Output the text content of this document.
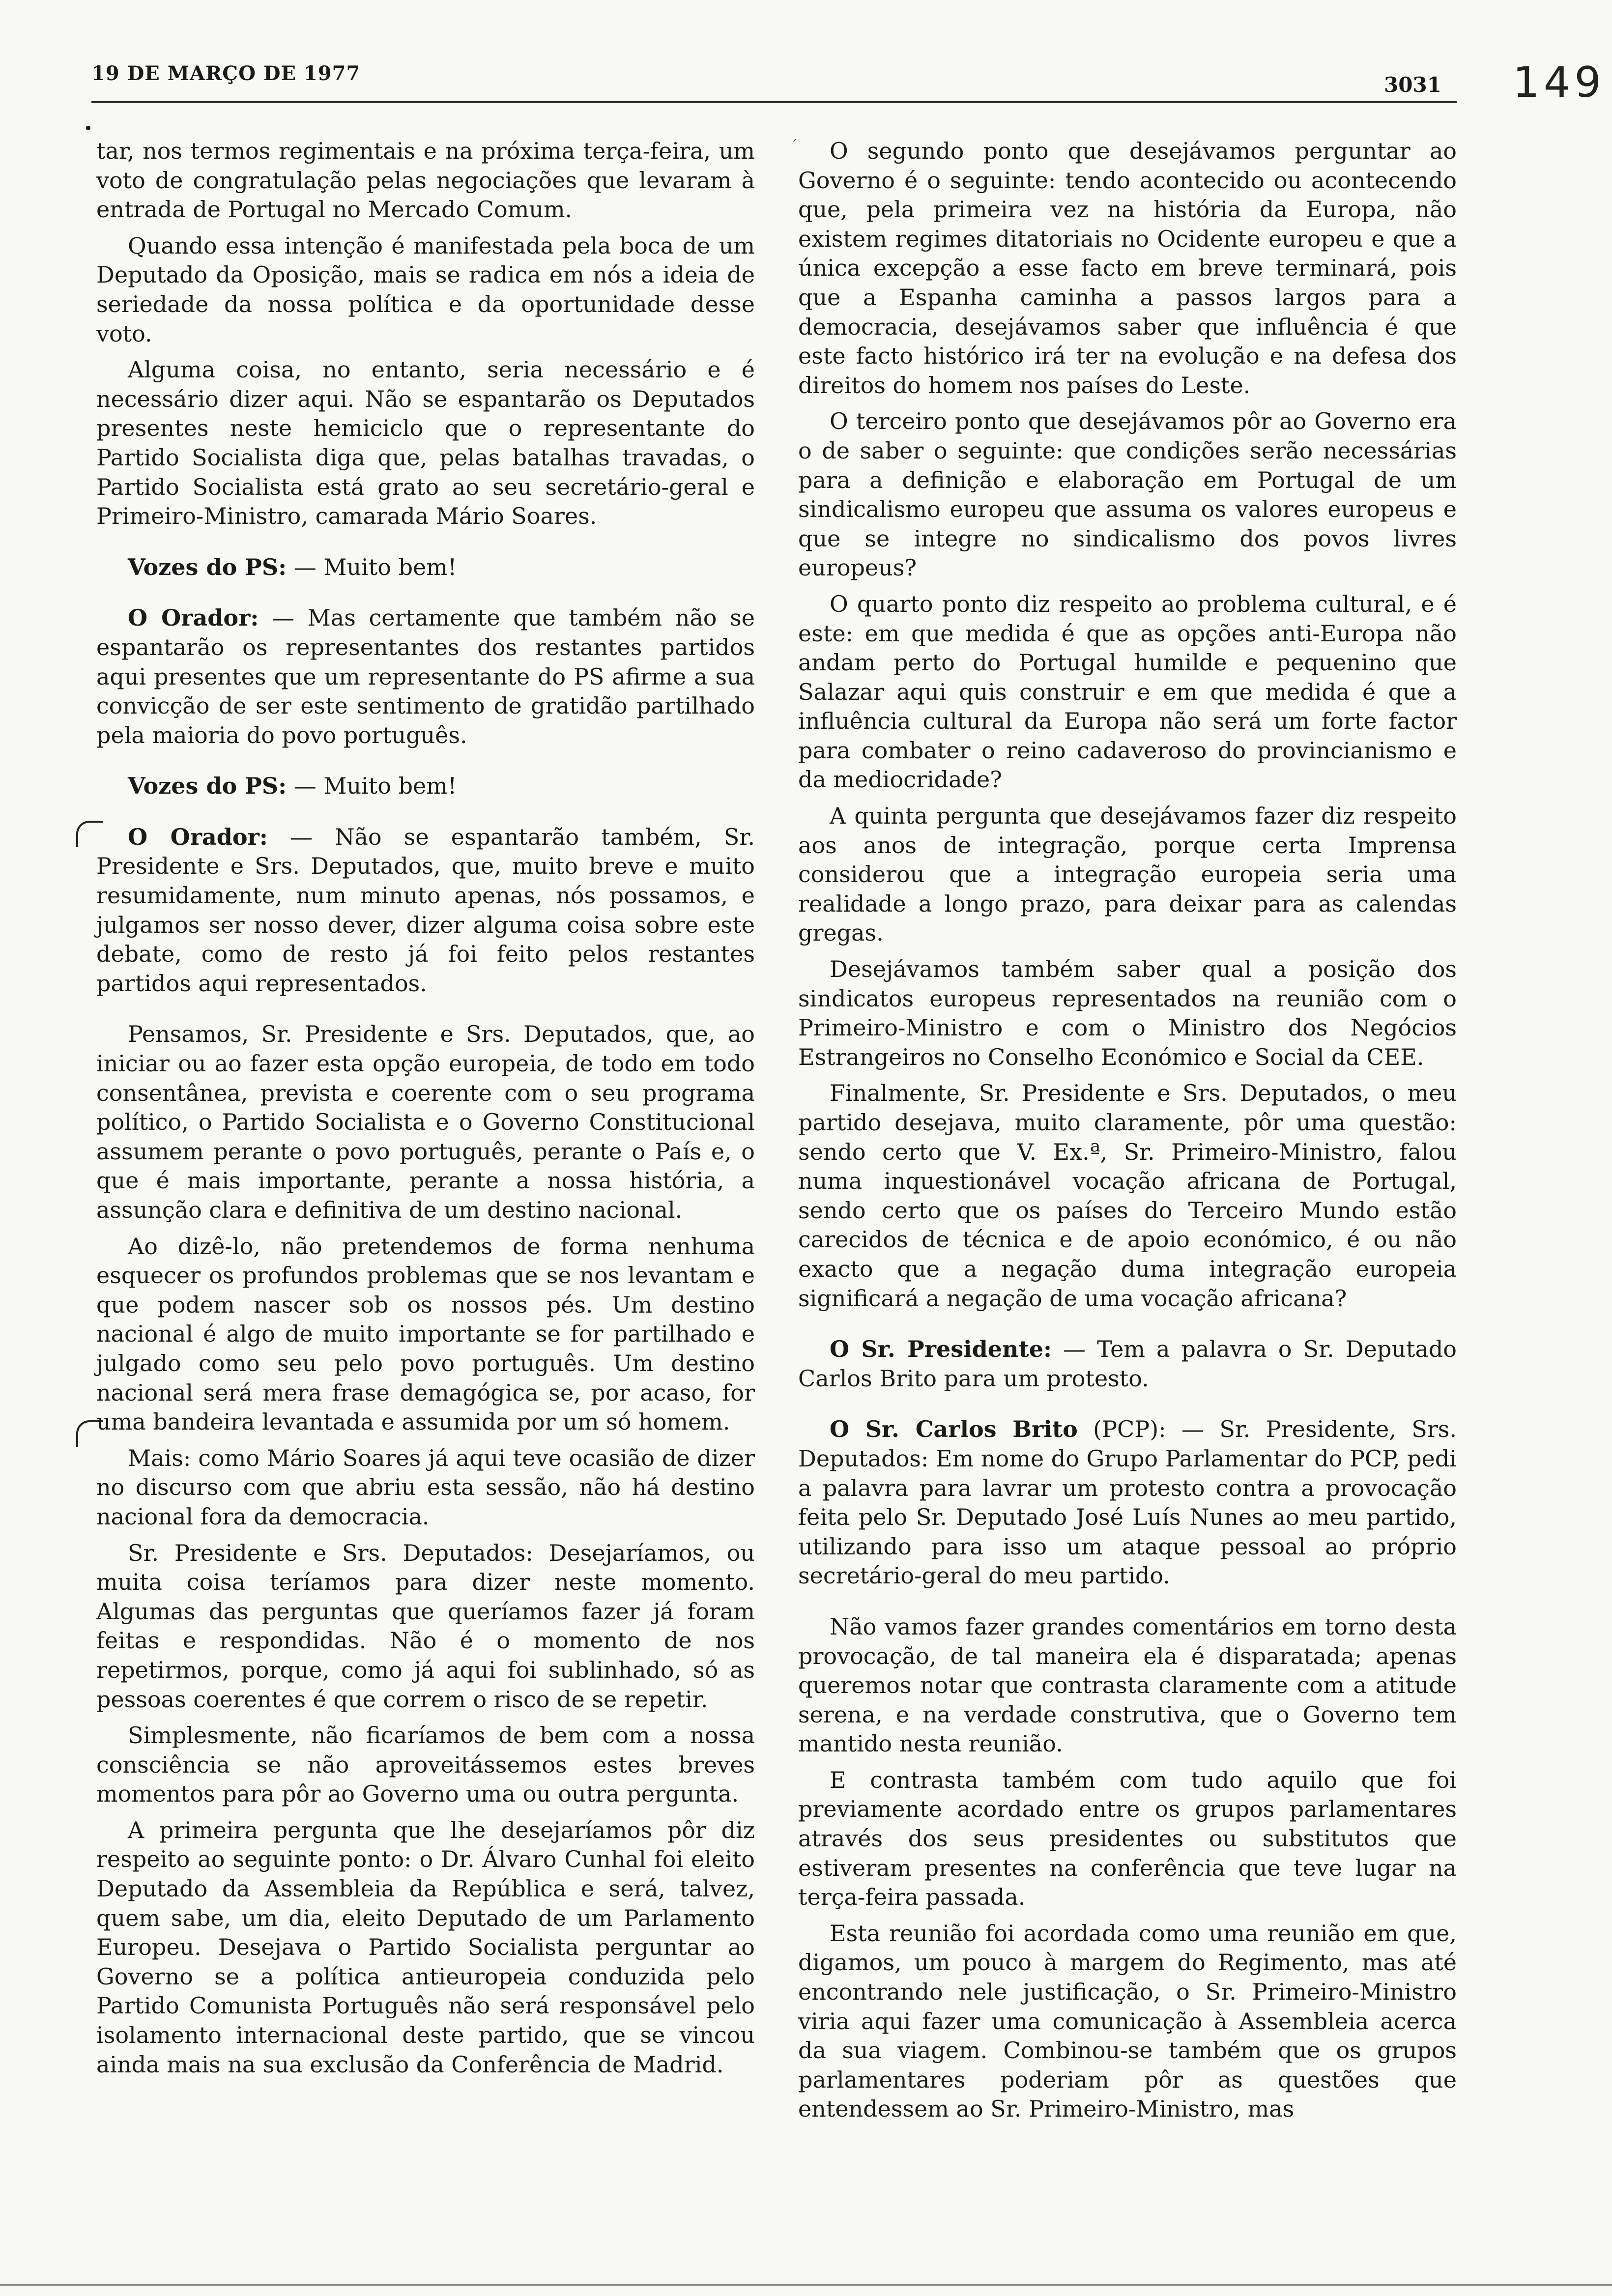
19 DE MARÇO DE 1977	3031 149
•
ˊ

tar, nos termos regimentais e na próxima terça-feira, um voto de congratulação pelas negociações que levaram à entrada de Portugal no Mercado Comum.

Quando essa intenção é manifestada pela boca de um Deputado da Oposição, mais se radica em nós a ideia de seriedade da nossa política e da oportunidade desse voto.

Alguma coisa, no entanto, seria necessário e é necessário dizer aqui. Não se espantarão os Deputados presentes neste hemiciclo que o representante do Partido Socialista diga que, pelas batalhas travadas, o Partido Socialista está grato ao seu secretário-geral e Primeiro-Ministro, camarada Mário Soares.

Vozes do PS: — Muito bem!

O Orador: — Mas certamente que também não se espantarão os representantes dos restantes partidos aqui presentes que um representante do PS afirme a sua convicção de ser este sentimento de gratidão partilhado pela maioria do povo português.

Vozes do PS: — Muito bem!

O Orador: — Não se espantarão também, Sr. Presidente e Srs. Deputados, que, muito breve e muito resumidamente, num minuto apenas, nós possamos, e julgamos ser nosso dever, dizer alguma coisa sobre este debate, como de resto já foi feito pelos restantes partidos aqui representados.

Pensamos, Sr. Presidente e Srs. Deputados, que, ao iniciar ou ao fazer esta opção europeia, de todo em todo consentânea, prevista e coerente com o seu programa político, o Partido Socialista e o Governo Constitucional assumem perante o povo português, perante o País e, o que é mais importante, perante a nossa história, a assunção clara e definitiva de um destino nacional.

Ao dizê-lo, não pretendemos de forma nenhuma esquecer os profundos problemas que se nos levantam e que podem nascer sob os nossos pés. Um destino nacional é algo de muito importante se for partilhado e julgado como seu pelo povo português. Um destino nacional será mera frase demagógica se, por acaso, for uma bandeira levantada e assumida por um só homem.

Mais: como Mário Soares já aqui teve ocasião de dizer no discurso com que abriu esta sessão, não há destino nacional fora da democracia.

Sr. Presidente e Srs. Deputados: Desejaríamos, ou muita coisa teríamos para dizer neste momento. Algumas das perguntas que queríamos fazer já foram feitas e respondidas. Não é o momento de nos repetirmos, porque, como já aqui foi sublinhado, só as pessoas coerentes é que correm o risco de se repetir.

Simplesmente, não ficaríamos de bem com a nossa consciência se não aproveitássemos estes breves momentos para pôr ao Governo uma ou outra pergunta.

A primeira pergunta que lhe desejaríamos pôr diz respeito ao seguinte ponto: o Dr. Álvaro Cunhal foi eleito Deputado da Assembleia da República e será, talvez, quem sabe, um dia, eleito Deputado de um Parlamento Europeu. Desejava o Partido Socialista perguntar ao Governo se a política antieuropeia conduzida pelo Partido Comunista Português não será responsável pelo isolamento internacional deste partido, que se vincou ainda mais na sua exclusão da Conferência de Madrid.

O segundo ponto que desejávamos perguntar ao Governo é o seguinte: tendo acontecido ou acontecendo que, pela primeira vez na história da Europa, não existem regimes ditatoriais no Ocidente europeu e que a única excepção a esse facto em breve terminará, pois que a Espanha caminha a passos largos para a democracia, desejávamos saber que influência é que este facto histórico irá ter na evolução e na defesa dos direitos do homem nos países do Leste.

O terceiro ponto que desejávamos pôr ao Governo era o de saber o seguinte: que condições serão necessárias para a definição e elaboração em Portugal de um sindicalismo europeu que assuma os valores europeus e que se integre no sindicalismo dos povos livres europeus?

O quarto ponto diz respeito ao problema cultural, e é este: em que medida é que as opções anti-Europa não andam perto do Portugal humilde e pequenino que Salazar aqui quis construir e em que medida é que a influência cultural da Europa não será um forte factor para combater o reino cadaveroso do provincianismo e da mediocridade?

A quinta pergunta que desejávamos fazer diz respeito aos anos de integração, porque certa Imprensa considerou que a integração europeia seria uma realidade a longo prazo, para deixar para as calendas gregas.

Desejávamos também saber qual a posição dos sindicatos europeus representados na reunião com o Primeiro-Ministro e com o Ministro dos Negócios Estrangeiros no Conselho Económico e Social da CEE.

Finalmente, Sr. Presidente e Srs. Deputados, o meu partido desejava, muito claramente, pôr uma questão: sendo certo que V. Ex.ª, Sr. Primeiro-Ministro, falou numa inquestionável vocação africana de Portugal, sendo certo que os países do Terceiro Mundo estão carecidos de técnica e de apoio económico, é ou não exacto que a negação duma integração europeia significará a negação de uma vocação africana?

O Sr. Presidente: — Tem a palavra o Sr. Deputado Carlos Brito para um protesto.

O Sr. Carlos Brito (PCP): — Sr. Presidente, Srs. Deputados: Em nome do Grupo Parlamentar do PCP, pedi a palavra para lavrar um protesto contra a provocação feita pelo Sr. Deputado José Luís Nunes ao meu partido, utilizando para isso um ataque pessoal ao próprio secretário-geral do meu partido.

Não vamos fazer grandes comentários em torno desta provocação, de tal maneira ela é disparatada; apenas queremos notar que contrasta claramente com a atitude serena, e na verdade construtiva, que o Governo tem mantido nesta reunião.

E contrasta também com tudo aquilo que foi previamente acordado entre os grupos parlamentares através dos seus presidentes ou substitutos que estiveram presentes na conferência que teve lugar na terça-feira passada.

Esta reunião foi acordada como uma reunião em que, digamos, um pouco à margem do Regimento, mas até encontrando nele justificação, o Sr. Primeiro-Ministro viria aqui fazer uma comunicação à Assembleia acerca da sua viagem. Combinou-se também que os grupos parlamentares poderiam pôr as questões que entendessem ao Sr. Primeiro-Ministro, mas
